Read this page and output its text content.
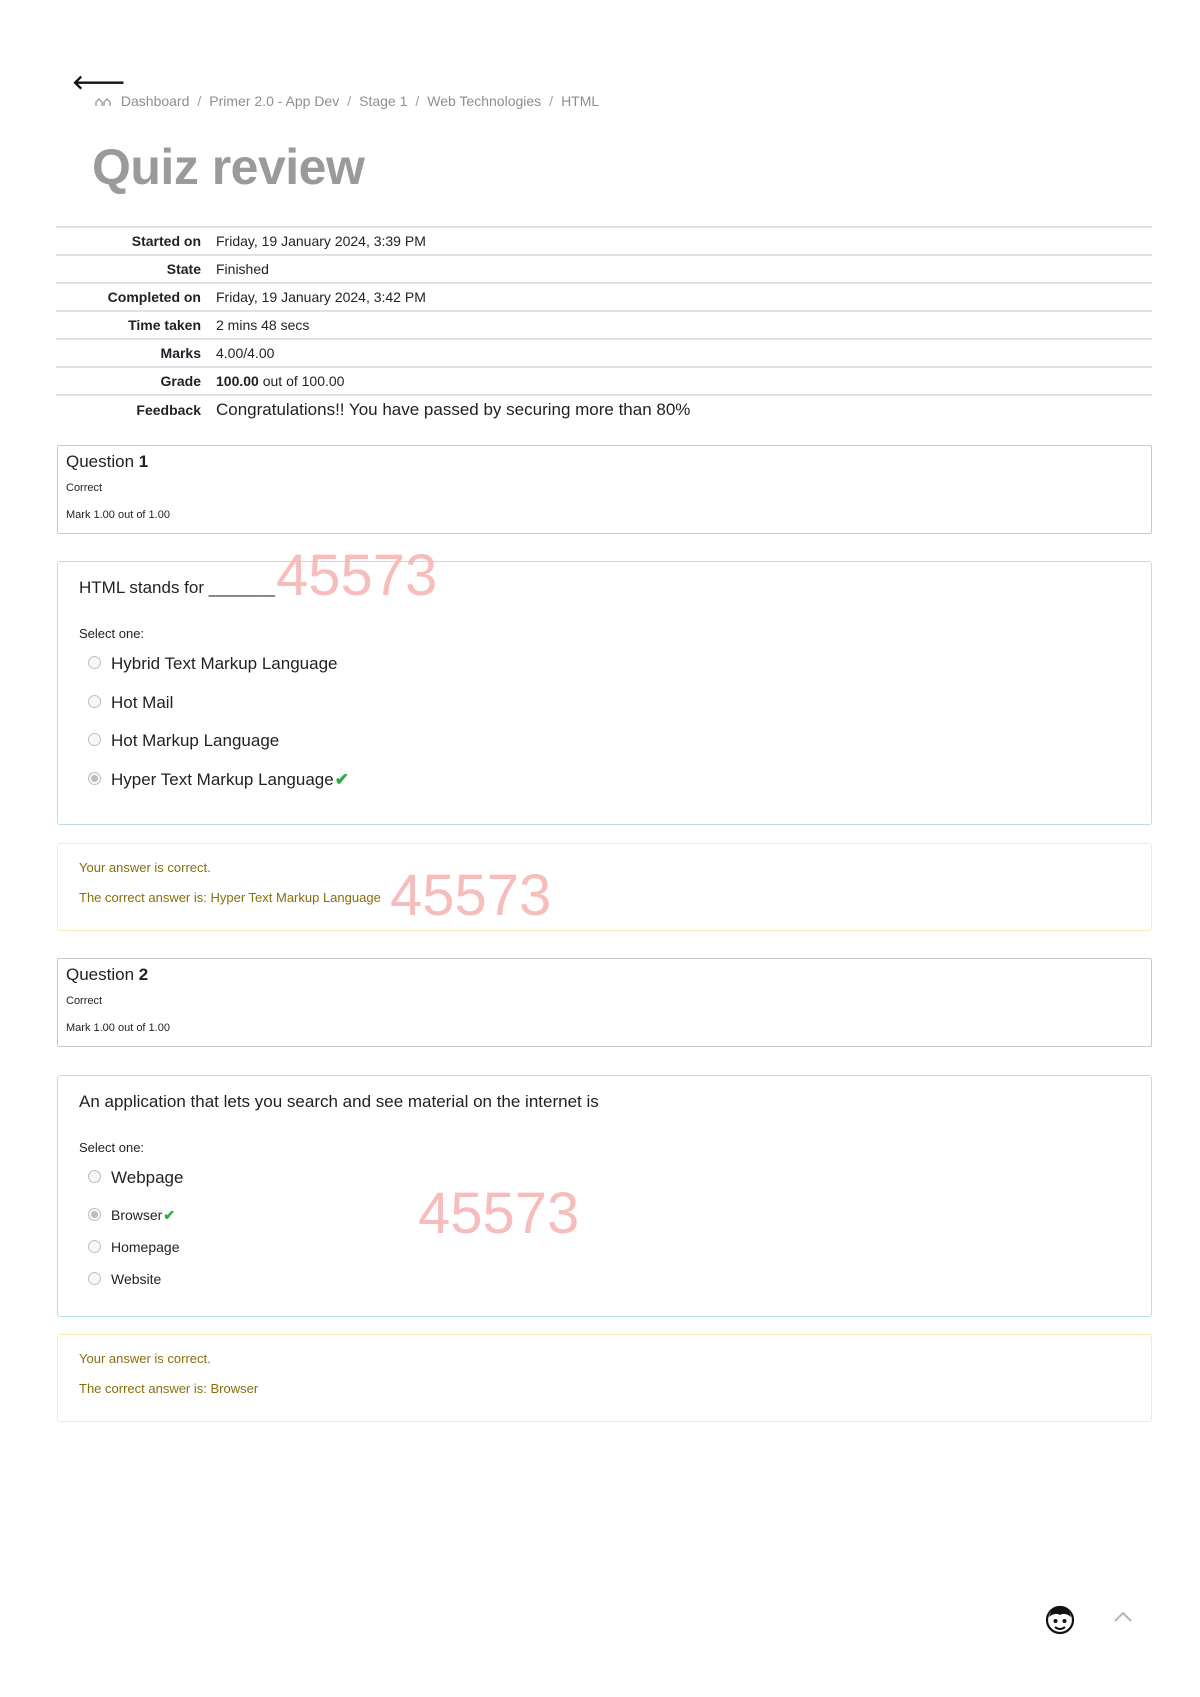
🡐
Dashboard / Primer 2.0 - App Dev / Stage 1 / Web Technologies / HTML
Quiz review
Started on	Friday, 19 January 2024, 3:39 PM
State	Finished
Completed on	Friday, 19 January 2024, 3:42 PM
Time taken	2 mins 48 secs
Marks	4.00/4.00
Grade	100.00 out of 100.00
Feedback	Congratulations!! You have passed by securing more than 80%
Question 1
Correct
Mark 1.00 out of 1.00
HTML stands for _______
Select one:
Hybrid Text Markup Language
Hot Mail
Hot Markup Language
Hyper Text Markup Language✔
Your answer is correct.
The correct answer is: Hyper Text Markup Language
Question 2
Correct
Mark 1.00 out of 1.00
An application that lets you search and see material on the internet is
Select one:
Webpage
Browser✔
Homepage
Website
Your answer is correct.
The correct answer is: Browser
45573
45573
45573
